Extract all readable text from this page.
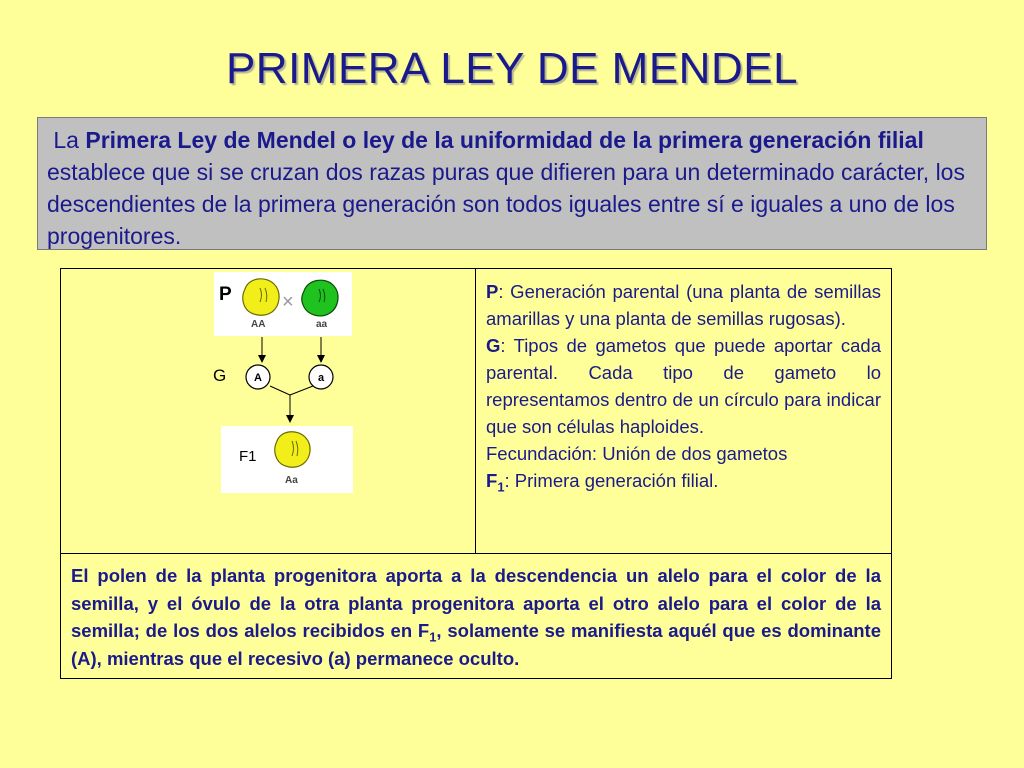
PRIMERA LEY DE MENDEL
La Primera Ley de Mendel o ley de la uniformidad de la primera generación filial establece que si se cruzan dos razas puras que difieren para un determinado carácter, los descendientes de la primera generación son todos iguales entre sí e iguales a uno de los progenitores.
P	×
AA	aa
G	A	a
F1
Aa

P: Generación parental (una planta de semillas amarillas y una planta de semillas rugosas).

G: Tipos de gametos que puede aportar cada parental. Cada tipo de gameto lo representamos dentro de un círculo para indicar que son células haploides.

Fecundación: Unión de dos gametos

$F_1$: Primera generación filial.

El polen de la planta progenitora aporta a la descendencia un alelo para el color de la semilla, y el óvulo de la otra planta progenitora aporta el otro alelo para el color de la semilla; de los dos alelos recibidos en $F_1$, solamente se manifiesta aquél que es dominante (A), mientras que el recesivo (a) permanece oculto.
